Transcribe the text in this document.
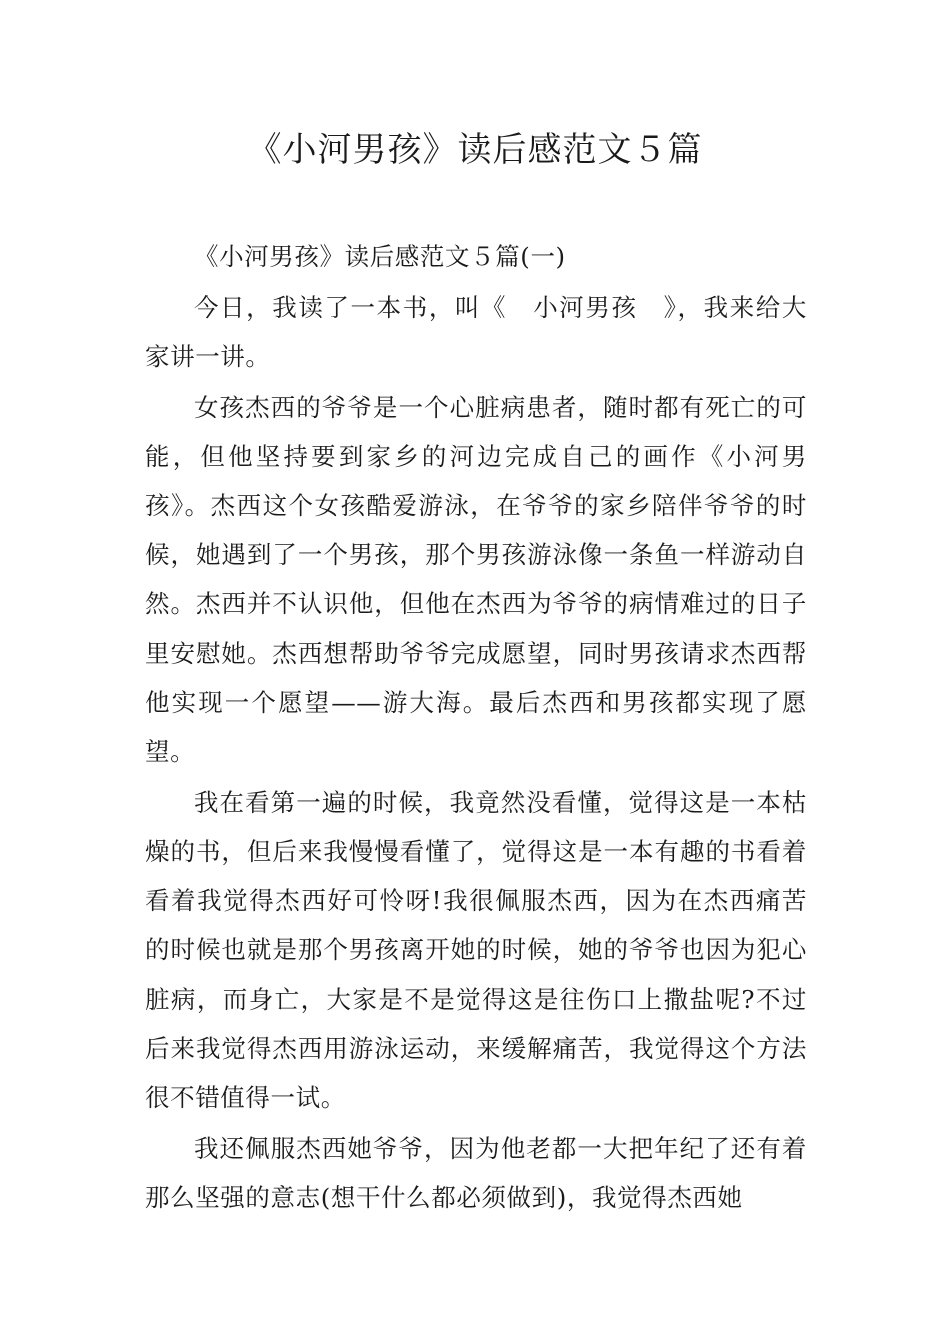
《小河男孩》读后感范文５篇

《小河男孩》读后感范文５篇(一)

今日，我读了一本书，叫《　小河男孩　》，我来给大家讲一讲。

女孩杰西的爷爷是一个心脏病患者，随时都有死亡的可能，但他坚持要到家乡的河边完成自己的画作《小河男孩》。杰西这个女孩酷爱游泳，在爷爷的家乡陪伴爷爷的时候，她遇到了一个男孩，那个男孩游泳像一条鱼一样游动自然。杰西并不认识他，但他在杰西为爷爷的病情难过的日子里安慰她。杰西想帮助爷爷完成愿望，同时男孩请求杰西帮他实现一个愿望——游大海。最后杰西和男孩都实现了愿望。

我在看第一遍的时候，我竟然没看懂，觉得这是一本枯燥的书，但后来我慢慢看懂了，觉得这是一本有趣的书看着看着我觉得杰西好可怜呀!我很佩服杰西，因为在杰西痛苦的时候也就是那个男孩离开她的时候，她的爷爷也因为犯心脏病，而身亡，大家是不是觉得这是往伤口上撒盐呢?不过后来我觉得杰西用游泳运动，来缓解痛苦，我觉得这个方法很不错值得一试。

我还佩服杰西她爷爷，因为他老都一大把年纪了还有着那么坚强的意志(想干什么都必须做到)，我觉得杰西她
